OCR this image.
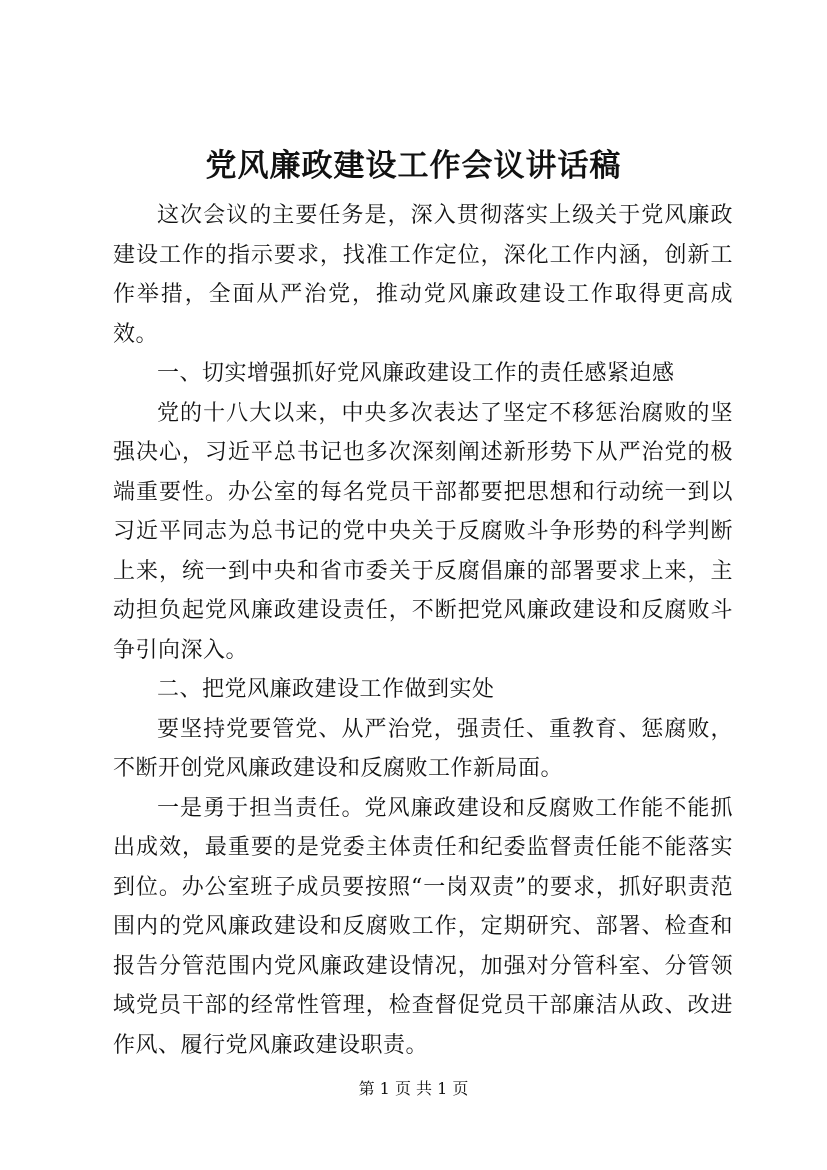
党风廉政建设工作会议讲话稿

这次会议的主要任务是，深入贯彻落实上级关于党风廉政建设工作的指示要求，找准工作定位，深化工作内涵，创新工作举措，全面从严治党，推动党风廉政建设工作取得更高成效。

一、切实增强抓好党风廉政建设工作的责任感紧迫感

党的十八大以来，中央多次表达了坚定不移惩治腐败的坚强决心，习近平总书记也多次深刻阐述新形势下从严治党的极端重要性。办公室的每名党员干部都要把思想和行动统一到以习近平同志为总书记的党中央关于反腐败斗争形势的科学判断上来，统一到中央和省市委关于反腐倡廉的部署要求上来，主动担负起党风廉政建设责任，不断把党风廉政建设和反腐败斗争引向深入。

二、把党风廉政建设工作做到实处

要坚持党要管党、从严治党，强责任、重教育、惩腐败，不断开创党风廉政建设和反腐败工作新局面。

一是勇于担当责任。党风廉政建设和反腐败工作能不能抓出成效，最重要的是党委主体责任和纪委监督责任能不能落实到位。办公室班子成员要按照“一岗双责”的要求，抓好职责范围内的党风廉政建设和反腐败工作，定期研究、部署、检查和报告分管范围内党风廉政建设情况，加强对分管科室、分管领域党员干部的经常性管理，检查督促党员干部廉洁从政、改进作风、履行党风廉政建设职责。

第 1 页 共 1 页
